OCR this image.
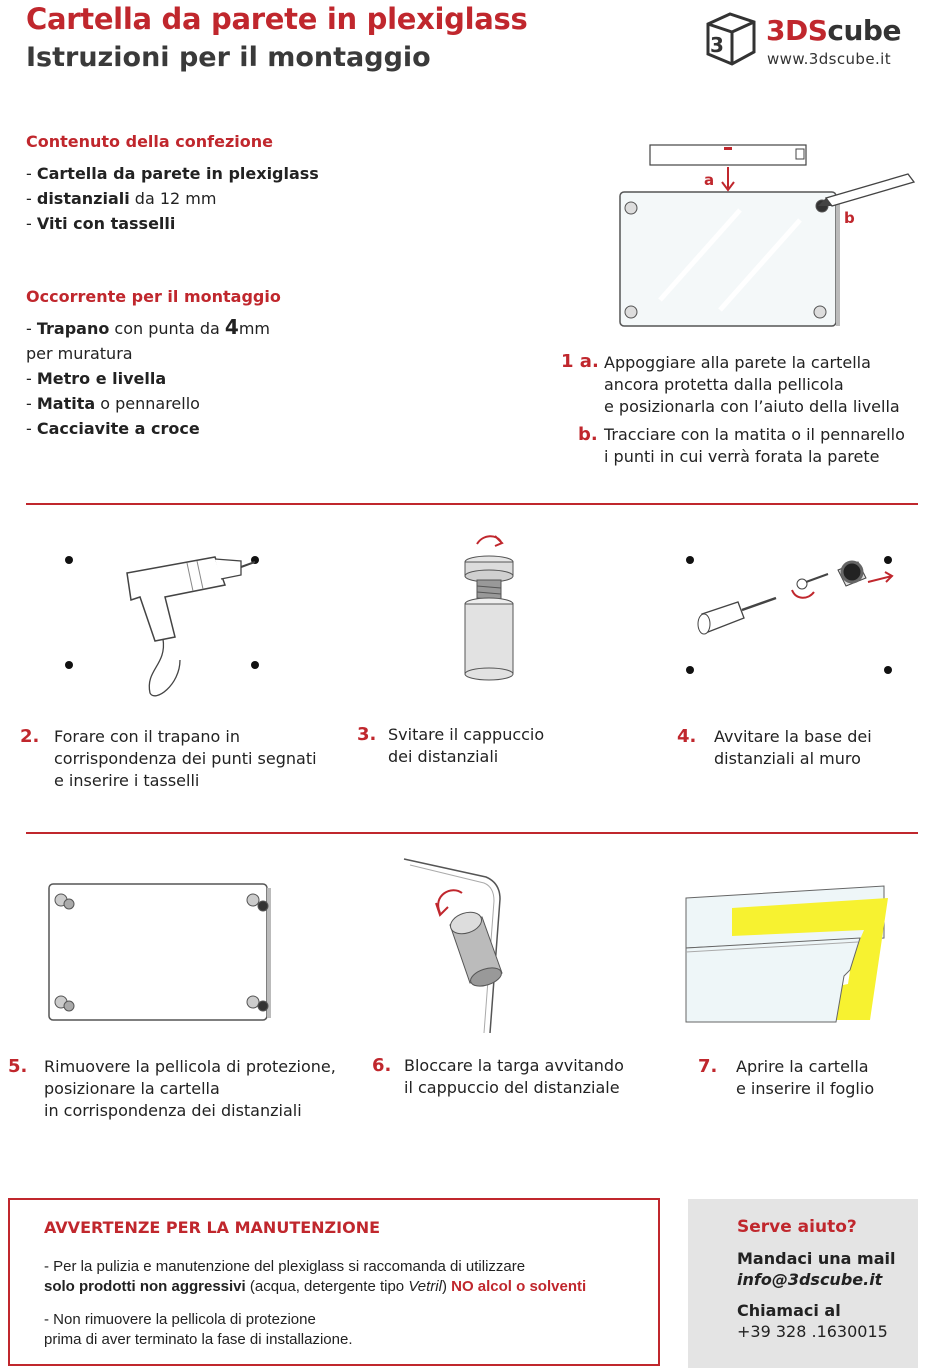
Cartella da parete in plexiglass
Istruzioni per il montaggio	3 3DScube
www.3dscube.it
Contenuto della confezione
- Cartella da parete in plexiglass
- distanziali da 12 mm
- Viti con tasselli
Occorrente per il montaggio
- Trapano con punta da 4mm
per muratura
- Metro e livella
- Matita o pennarello
- Cacciavite a croce
a
b
1 a. Appoggiare alla parete la cartella
ancora protetta dalla pellicola
e posizionarla con l’aiuto della livella
b. Tracciare con la matita o il pennarello
i punti in cui verrà forata la parete
2. Forare con il trapano in
corrispondenza dei punti segnati
e inserire i tasselli
3. Svitare il cappuccio
dei distanziali
4. Avvitare la base dei
distanziali al muro
5. Rimuovere la pellicola di protezione,
posizionare la cartella
in corrispondenza dei distanziali
6. Bloccare la targa avvitando
il cappuccio del distanziale
7. Aprire la cartella
e inserire il foglio
AVVERTENZE PER LA MANUTENZIONE
- Per la pulizia e manutenzione del plexiglass si raccomanda di utilizzare
solo prodotti non aggressivi (acqua, detergente tipo Vetril) NO alcol o solventi
- Non rimuovere la pellicola di protezione
prima di aver terminato la fase di installazione.
Serve aiuto?
Mandaci una mail
info@3dscube.it
Chiamaci al
+39 328 .1630015
